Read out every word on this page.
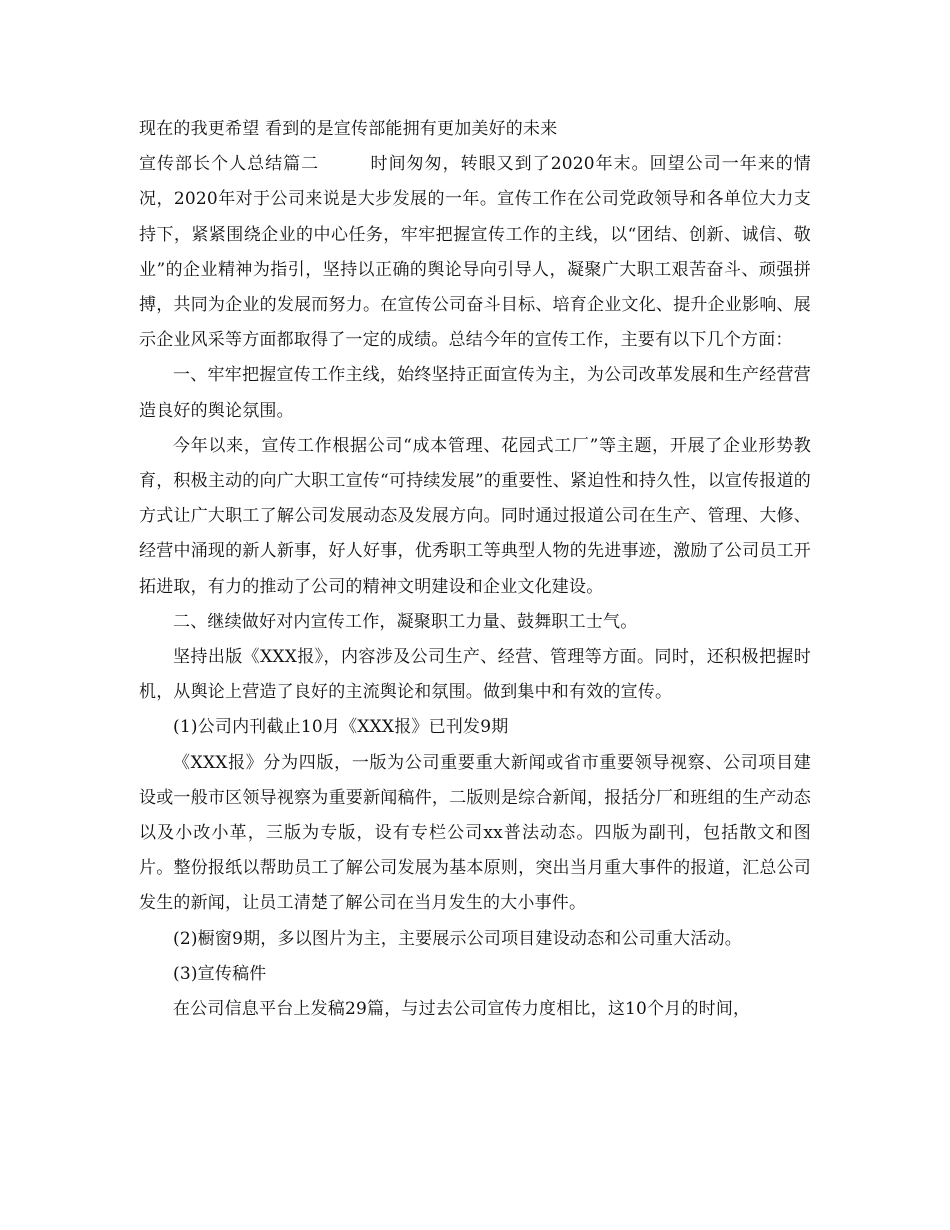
现在的我更希望 看到的是宣传部能拥有更加美好的未来

宣传部长个人总结篇二        时间匆匆，转眼又到了2020年末。回望公司一年来的情况，2020年对于公司来说是大步发展的一年。宣传工作在公司党政领导和各单位大力支持下，紧紧围绕企业的中心任务，牢牢把握宣传工作的主线，以“团结、创新、诚信、敬业”的企业精神为指引，坚持以正确的舆论导向引导人，凝聚广大职工艰苦奋斗、顽强拼搏，共同为企业的发展而努力。在宣传公司奋斗目标、培育企业文化、提升企业影响、展示企业风采等方面都取得了一定的成绩。总结今年的宣传工作，主要有以下几个方面：

一、牢牢把握宣传工作主线，始终坚持正面宣传为主，为公司改革发展和生产经营营造良好的舆论氛围。

今年以来，宣传工作根据公司“成本管理、花园式工厂”等主题，开展了企业形势教育，积极主动的向广大职工宣传“可持续发展”的重要性、紧迫性和持久性，以宣传报道的方式让广大职工了解公司发展动态及发展方向。同时通过报道公司在生产、管理、大修、经营中涌现的新人新事，好人好事，优秀职工等典型人物的先进事迹，激励了公司员工开拓进取，有力的推动了公司的精神文明建设和企业文化建设。

二、继续做好对内宣传工作，凝聚职工力量、鼓舞职工士气。

坚持出版《XXX报》，内容涉及公司生产、经营、管理等方面。同时，还积极把握时机，从舆论上营造了良好的主流舆论和氛围。做到集中和有效的宣传。

(1)公司内刊截止10月《XXX报》已刊发9期

《XXX报》分为四版，一版为公司重要重大新闻或省市重要领导视察、公司项目建设或一般市区领导视察为重要新闻稿件，二版则是综合新闻，报括分厂和班组的生产动态以及小改小革，三版为专版，设有专栏公司xx普法动态。四版为副刊，包括散文和图片。整份报纸以帮助员工了解公司发展为基本原则，突出当月重大事件的报道，汇总公司发生的新闻，让员工清楚了解公司在当月发生的大小事件。

(2)橱窗9期，多以图片为主，主要展示公司项目建设动态和公司重大活动。

(3)宣传稿件

在公司信息平台上发稿29篇，与过去公司宣传力度相比，这10个月的时间，
